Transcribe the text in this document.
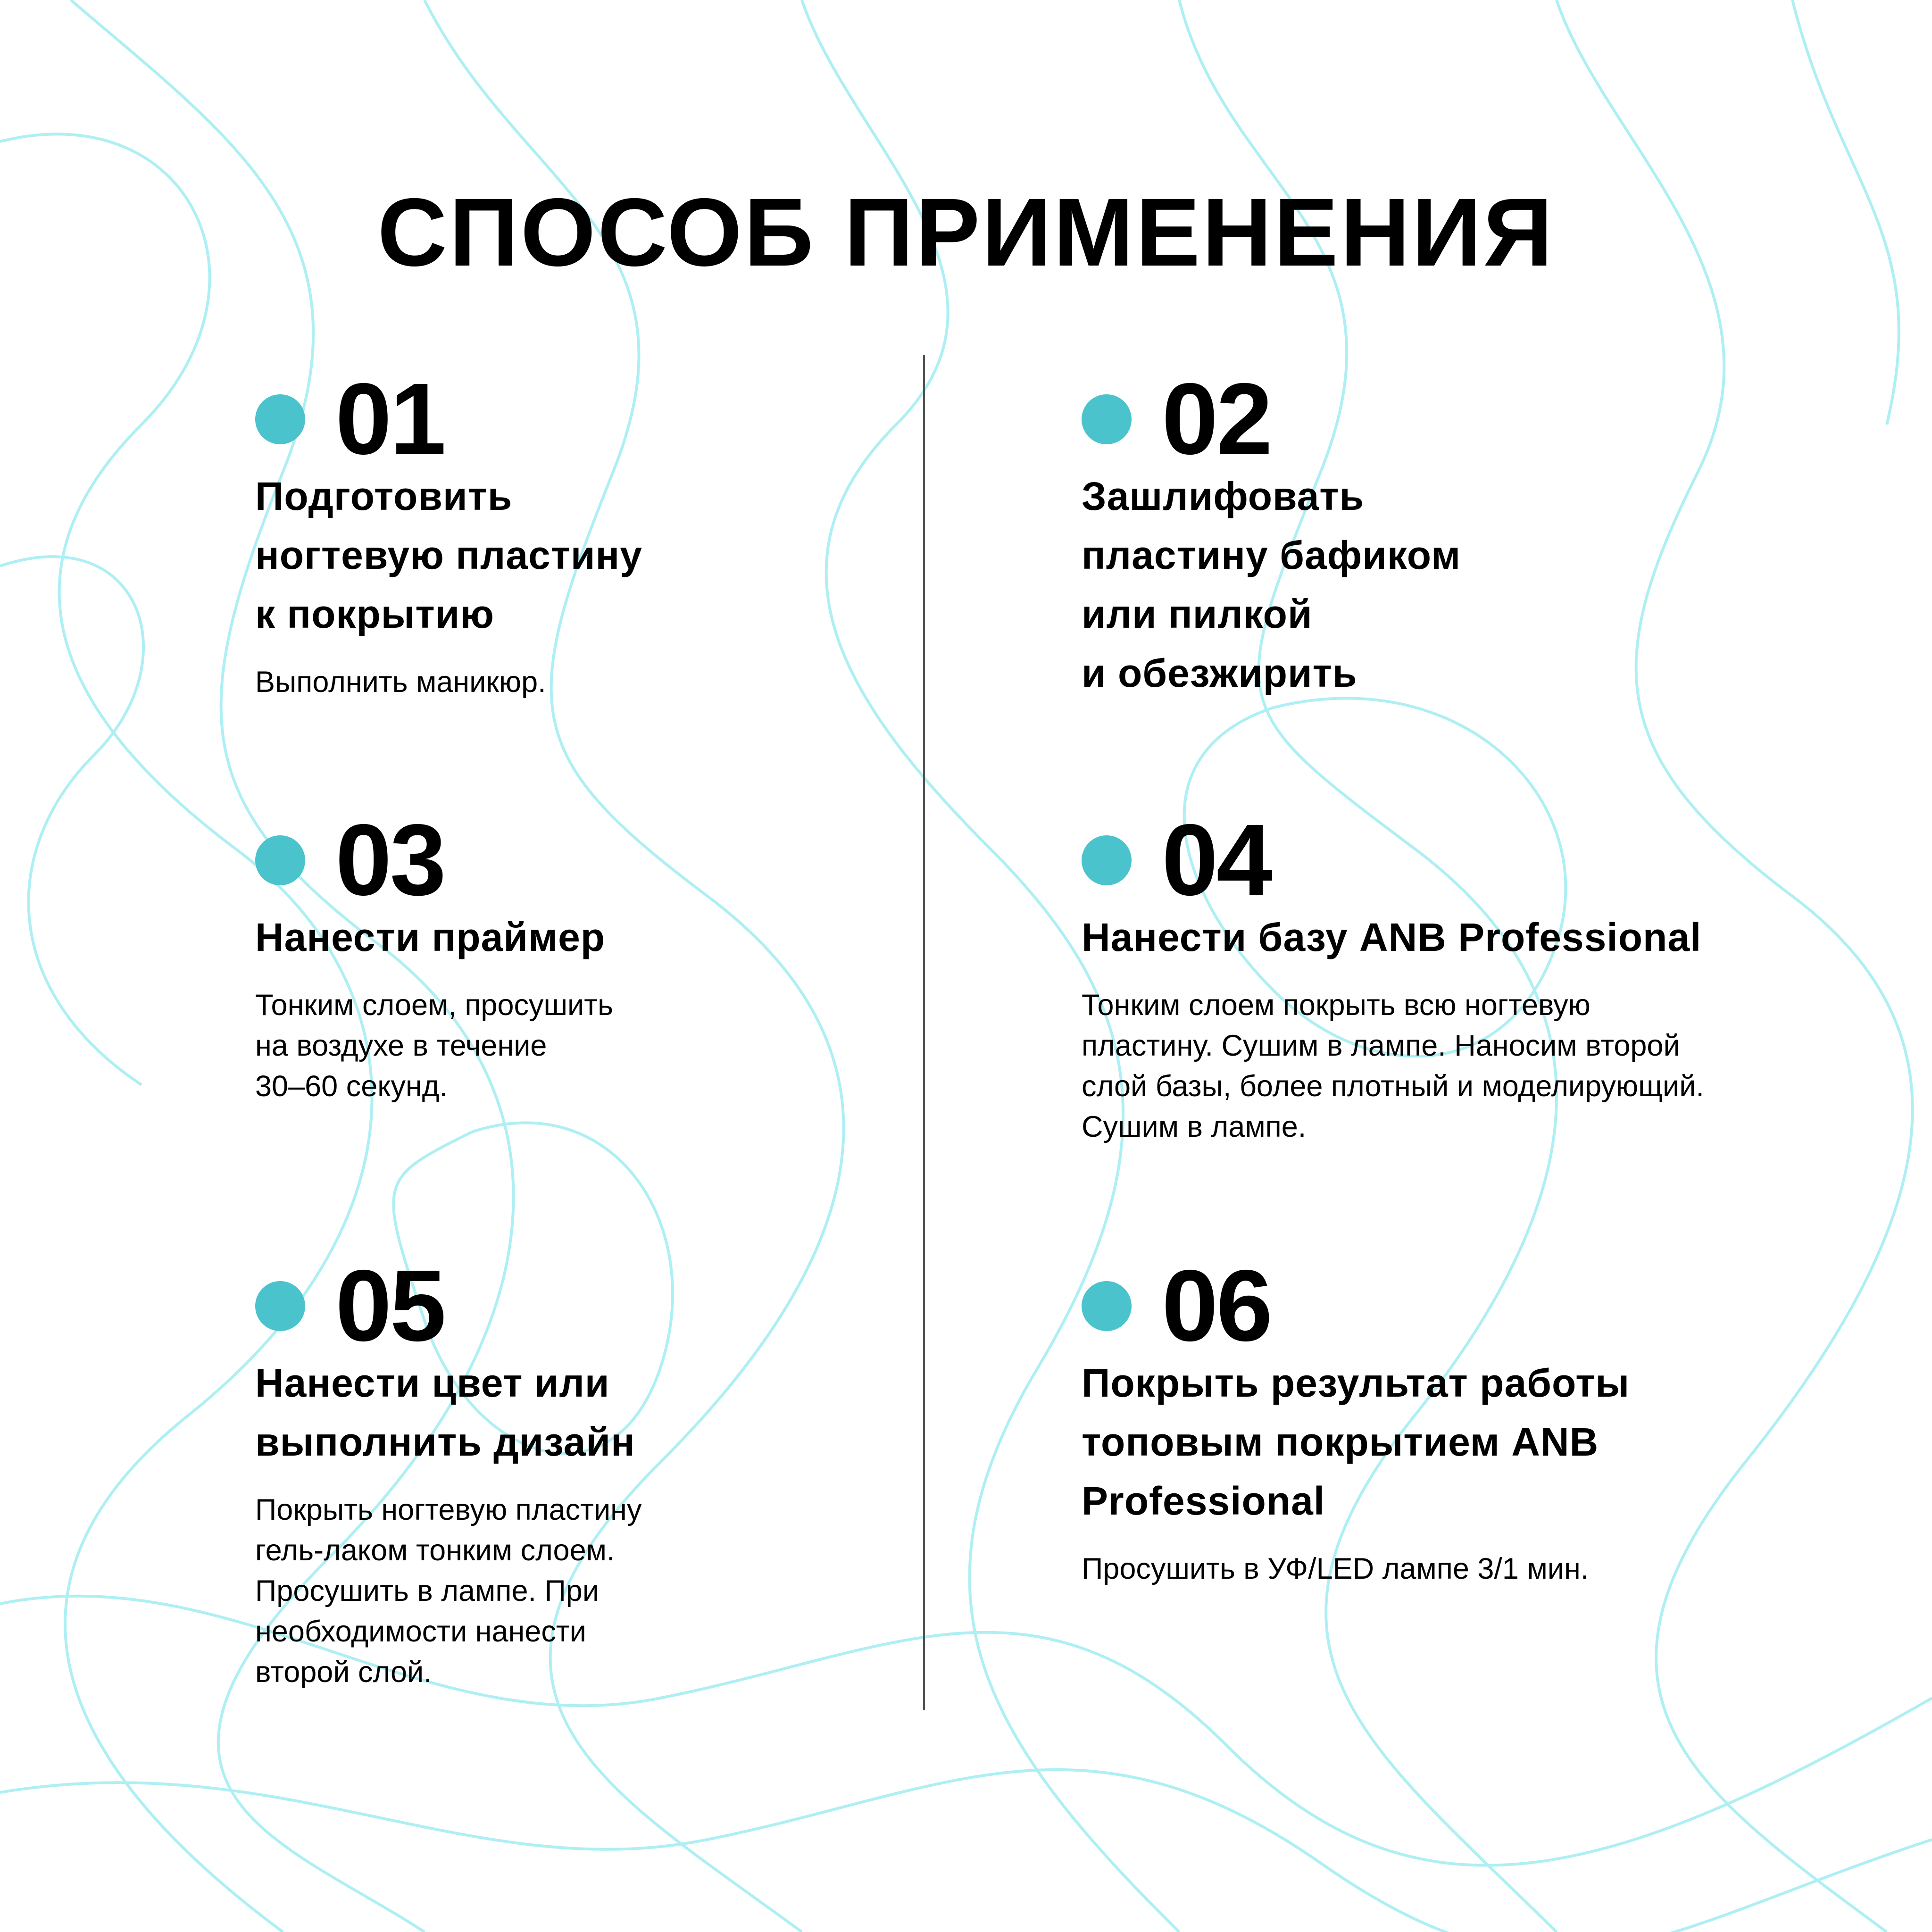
СПОСОБ ПРИМЕНЕНИЯ
01
Подготовить
ногтевую пластину
к покрытию
Выполнить маникюр.
02
Зашлифовать
пластину бафиком
или пилкой
и обезжирить
03
Нанести праймер
Тонким слоем, просушить
на воздухе в течение
30–60 секунд.
04
Нанести базу ANB Professional
Тонким слоем покрыть всю ногтевую
пластину. Сушим в лампе. Наносим второй
слой базы, более плотный и моделирующий.
Сушим в лампе.
05
Нанести цвет или
выполнить дизайн
Покрыть ногтевую пластину
гель-лаком тонким слоем.
Просушить в лампе. При
необходимости нанести
второй слой.
06
Покрыть результат работы
топовым покрытием ANB
Professional
Просушить в УФ/LED лампе 3/1 мин.
